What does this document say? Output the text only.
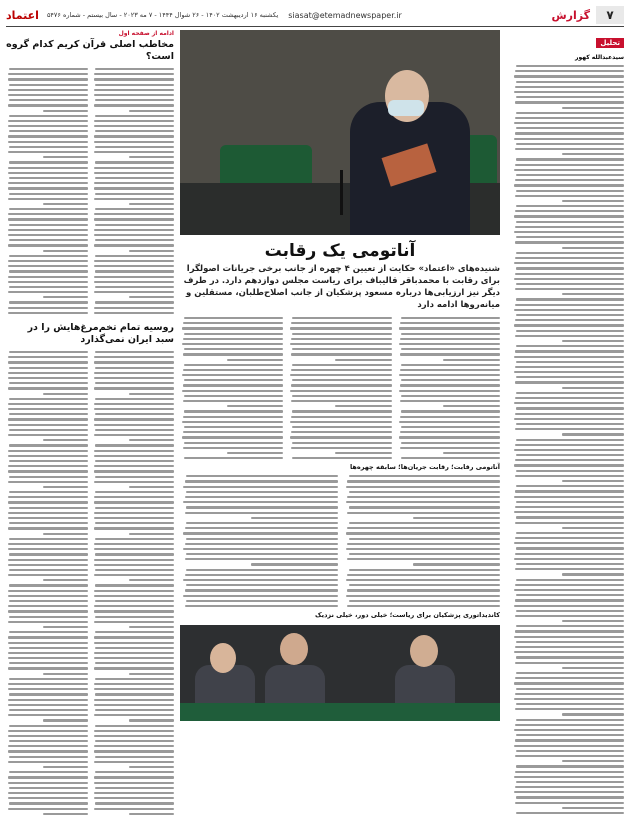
۷
گزارش
siasat@etemadnewspaper.ir
یکشنبه ۱۶ اردیبهشت ۱۴۰۲ - ۲۶ شوال ۱۴۴۴ - ۷ مه ۲۰۲۳ - سال بیستم - شماره ۵۴۷۶
اعتماد
تحلیل
سیدعبدالله کهور
آناتومی یک رقابت
شنیده‌های «اعتماد» حکایت از تعیین ۴ چهره از جانب برخی جریانات اصولگرا برای رقابت با محمدباقر قالیباف برای ریاست مجلس دوازدهم دارد. در طرف دیگر نیز ارزیابی‌ها درباره مسعود پزشکیان از جانب اصلاح‌طلبان، مستقلین و میانه‌روها ادامه دارد
آناتومی رقابت؛ رقابت جریان‌ها؛ سابقه چهره‌ها
کاندیداتوری پزشکیان برای ریاست؛ خیلی دور، خیلی نزدیک
ادامه از صفحه اول
مخاطب اصلی قرآن کریم کدام گروه است؟
روسیه تمام تخم‌مرغ‌هایش را در سبد ایران نمی‌گذارد
